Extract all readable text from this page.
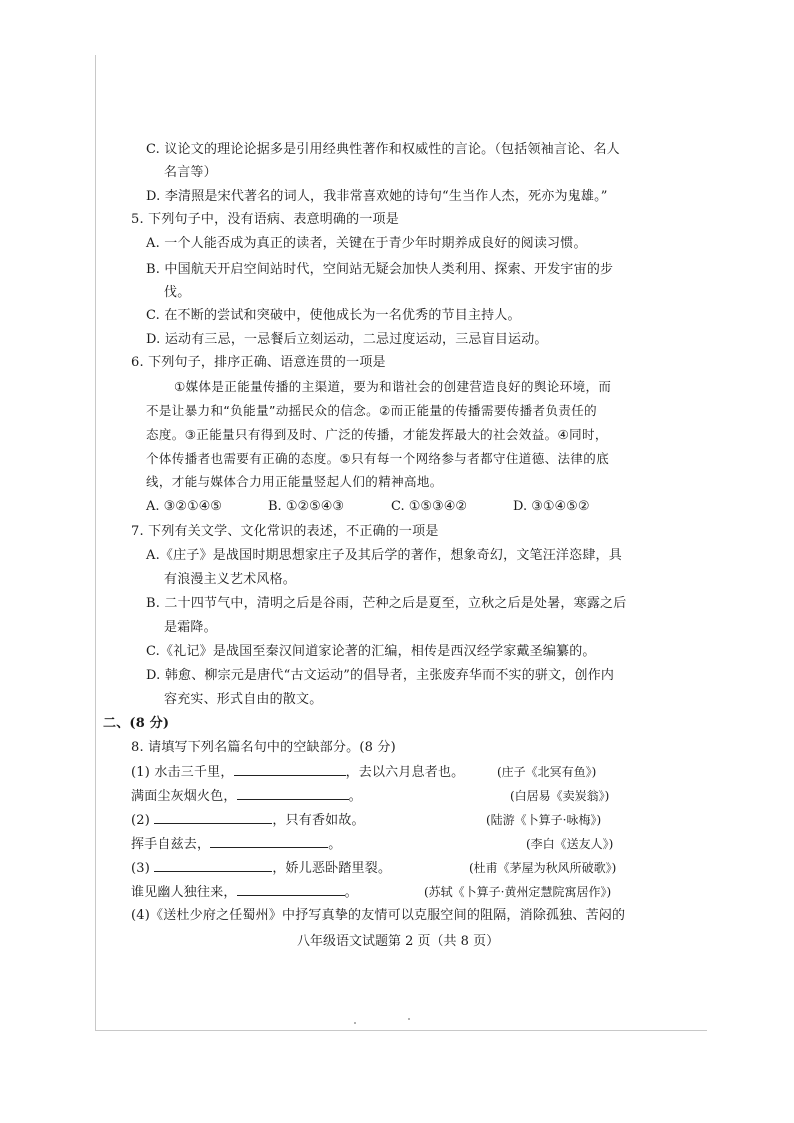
C. 议论文的理论论据多是引用经典性著作和权威性的言论。（包括领袖言论、名人
名言等）
D. 李清照是宋代著名的词人，我非常喜欢她的诗句“生当作人杰，死亦为鬼雄。”
5. 下列句子中，没有语病、表意明确的一项是
A. 一个人能否成为真正的读者，关键在于青少年时期养成良好的阅读习惯。
B. 中国航天开启空间站时代，空间站无疑会加快人类利用、探索、开发宇宙的步
伐。
C. 在不断的尝试和突破中，使他成长为一名优秀的节目主持人。
D. 运动有三忌，一忌餐后立刻运动，二忌过度运动，三忌盲目运动。
6. 下列句子，排序正确、语意连贯的一项是
①媒体是正能量传播的主渠道，要为和谐社会的创建营造良好的舆论环境，而
不是让暴力和“负能量”动摇民众的信念。②而正能量的传播需要传播者负责任的
态度。③正能量只有得到及时、广泛的传播，才能发挥最大的社会效益。④同时，
个体传播者也需要有正确的态度。⑤只有每一个网络参与者都守住道德、法律的底
线，才能与媒体合力用正能量竖起人们的精神高地。
A. ③②①④⑤	B. ①②⑤④③	C. ①⑤③④②	D. ③①④⑤②
7. 下列有关文学、文化常识的表述，不正确的一项是
A.《庄子》是战国时期思想家庄子及其后学的著作，想象奇幻，文笔汪洋恣肆，具
有浪漫主义艺术风格。
B. 二十四节气中，清明之后是谷雨，芒种之后是夏至，立秋之后是处暑，寒露之后
是霜降。
C.《礼记》是战国至秦汉间道家论著的汇编，相传是西汉经学家戴圣编纂的。
D. 韩愈、柳宗元是唐代“古文运动”的倡导者，主张废弃华而不实的骈文，创作内
容充实、形式自由的散文。
二、(8 分)
8. 请填写下列名篇名句中的空缺部分。(8 分)
(1) 水击三千里，	，去以六月息者也。	(庄子《北冥有鱼》)
满面尘灰烟火色，	。	(白居易《卖炭翁》)
(2)	，只有香如故。	(陆游《卜算子·咏梅》)
挥手自兹去，	。	(李白《送友人》)
(3)	，娇儿恶卧踏里裂。	(杜甫《茅屋为秋风所破歌》)
谁见幽人独往来，	。	(苏轼《卜算子·黄州定慧院寓居作》)
(4)《送杜少府之任蜀州》中抒写真挚的友情可以克服空间的阻隔，消除孤独、苦闷的
八年级语文试题第 2 页（共 8 页）
